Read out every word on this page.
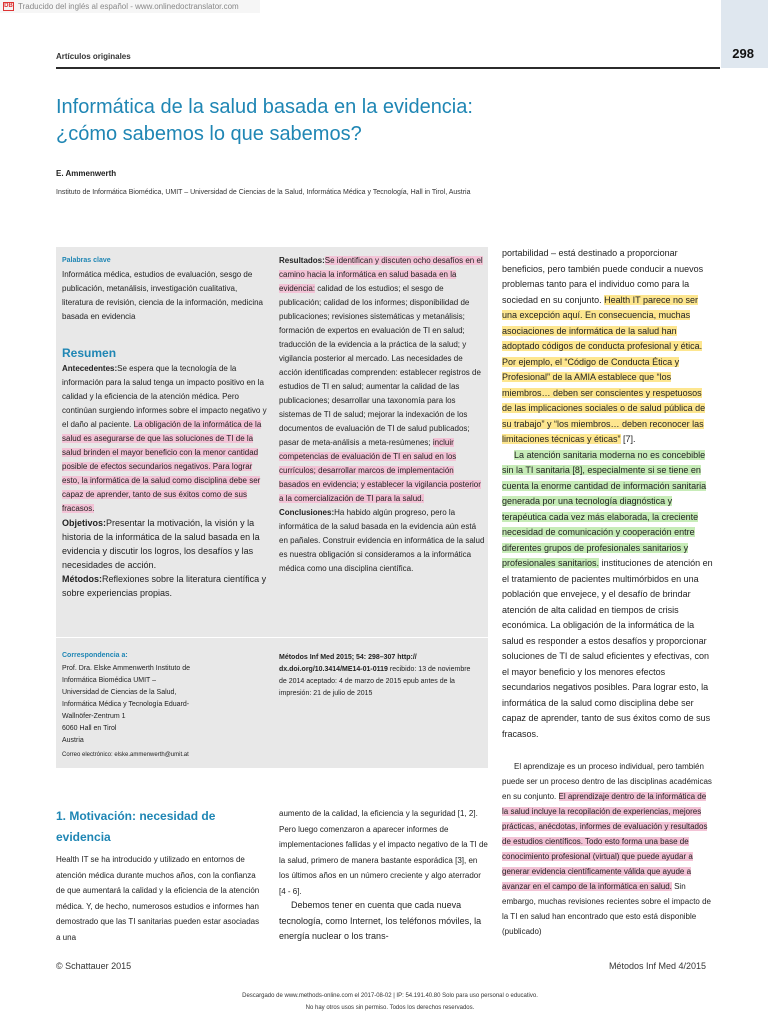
DB Traducido del inglés al español - www.onlinedoctranslator.com
298
Artículos originales
Informática de la salud basada en la evidencia: ¿cómo sabemos lo que sabemos?
E. Ammenwerth
Instituto de Informática Biomédica, UMIT – Universidad de Ciencias de la Salud, Informática Médica y Tecnología, Hall in Tirol, Austria
Palabras clave
Informática médica, estudios de evaluación, sesgo de publicación, metanálisis, investigación cualitativa, literatura de revisión, ciencia de la información, medicina basada en evidencia
Resumen
Antecedentes:Se espera que la tecnología de la información para la salud tenga un impacto positivo en la calidad y la eficiencia de la atención médica. Pero continúan surgiendo informes sobre el impacto negativo y el daño al paciente. La obligación de la informática de la salud es asegurarse de que las soluciones de TI de la salud brinden el mayor beneficio con la menor cantidad posible de efectos secundarios negativos. Para lograr esto, la informática de la salud como disciplina debe ser capaz de aprender, tanto de sus éxitos como de sus fracasos.
Objetivos:Presentar la motivación, la visión y la historia de la informática de la salud basada en la evidencia y discutir los logros, los desafíos y las necesidades de acción.
Métodos:Reflexiones sobre la literatura científica y sobre experiencias propias.
Resultados:Se identifican y discuten ocho desafíos en el camino hacia la informática en salud basada en la evidencia: calidad de los estudios; el sesgo de publicación; calidad de los informes; disponibilidad de publicaciones; revisiones sistemáticas y metanálisis; formación de expertos en evaluación de TI en salud; traducción de la evidencia a la práctica de la salud; y vigilancia posterior al mercado. Las necesidades de acción identificadas comprenden: establecer registros de estudios de TI en salud; aumentar la calidad de las publicaciones; desarrollar una taxonomía para los sistemas de TI de salud; mejorar la indexación de los documentos de evaluación de TI de salud publicados; pasar de meta-análisis a meta-resúmenes; incluir competencias de evaluación de TI en salud en los currículos; desarrollar marcos de implementación basados en evidencia; y establecer la vigilancia posterior a la comercialización de TI para la salud.
Conclusiones:Ha habido algún progreso, pero la informática de la salud basada en la evidencia aún está en pañales. Construir evidencia en informática de la salud es nuestra obligación si consideramos a la informática médica como una disciplina científica.
Correspondencia a:
Prof. Dra. Elske Ammenwerth Instituto de
Informática Biomédica UMIT –
Universidad de Ciencias de la Salud,
Informática Médica y Tecnología Eduard-
Wallnöfer-Zentrum 1
6060 Hall en Tirol
Austria
Correo electrónico: elske.ammenwerth@umit.at
Métodos Inf Med 2015; 54: 298–307 http:// dx.doi.org/10.3414/ME14-01-0119 recibido: 13 de noviembre de 2014 aceptado: 4 de marzo de 2015 epub antes de la impresión: 21 de julio de 2015

portabilidad – está destinado a proporcionar beneficios, pero también puede conducir a nuevos problemas tanto para el individuo como para la sociedad en su conjunto. Health IT parece no ser una excepción aquí. En consecuencia, muchas asociaciones de informática de la salud han adoptado códigos de conducta profesional y ética. Por ejemplo, el “Código de Conducta Ética y Profesional” de la AMIA establece que “los miembros… deben ser conscientes y respetuosos de las implicaciones sociales o de salud pública de su trabajo” y “los miembros… deben reconocer las limitaciones técnicas y éticas” [7].

La atención sanitaria moderna no es concebible sin la TI sanitaria [8], especialmente si se tiene en cuenta la enorme cantidad de información sanitaria generada por una tecnología diagnóstica y terapéutica cada vez más elaborada, la creciente necesidad de comunicación y cooperación entre diferentes grupos de profesionales sanitarios y profesionales sanitarios. instituciones de atención en el tratamiento de pacientes multimórbidos en una población que envejece, y el desafío de brindar atención de alta calidad en tiempos de crisis económica. La obligación de la informática de la salud es responder a estos desafíos y proporcionar soluciones de TI de salud eficientes y efectivas, con el mayor beneficio y los menores efectos secundarios negativos posibles. Para lograr esto, la informática de la salud como disciplina debe ser capaz de aprender, tanto de sus éxitos como de sus fracasos.

El aprendizaje es un proceso individual, pero también puede ser un proceso dentro de las disciplinas académicas en su conjunto. El aprendizaje dentro de la informática de la salud incluye la recopilación de experiencias, mejores prácticas, anécdotas, informes de evaluación y resultados de estudios científicos. Todo esto forma una base de conocimiento profesional (virtual) que puede ayudar a generar evidencia científicamente válida que ayude a avanzar en el campo de la informática en salud. Sin embargo, muchas revisiones recientes sobre el impacto de la TI en salud han encontrado que esto está disponible (publicado)
1. Motivación: necesidad de evidencia
Health IT se ha introducido y utilizado en entornos de atención médica durante muchos años, con la confianza de que aumentará la calidad y la eficiencia de la atención médica. Y, de hecho, numerosos estudios e informes han demostrado que las TI sanitarias pueden estar asociadas a una
aumento de la calidad, la eficiencia y la seguridad [1, 2]. Pero luego comenzaron a aparecer informes de implementaciones fallidas y el impacto negativo de la TI de la salud, primero de manera bastante esporádica [3], en los últimos años en un número creciente y algo aterrador [4 - 6].
Debemos tener en cuenta que cada nueva tecnología, como Internet, los teléfonos móviles, la energía nuclear o los trans-
© Schattauer 2015	Métodos Inf Med 4/2015
Descargado de www.methods-online.com el 2017-08-02 | IP: 54.191.40.80 Solo para uso personal o educativo. No hay otros usos sin permiso. Todos los derechos reservados.
